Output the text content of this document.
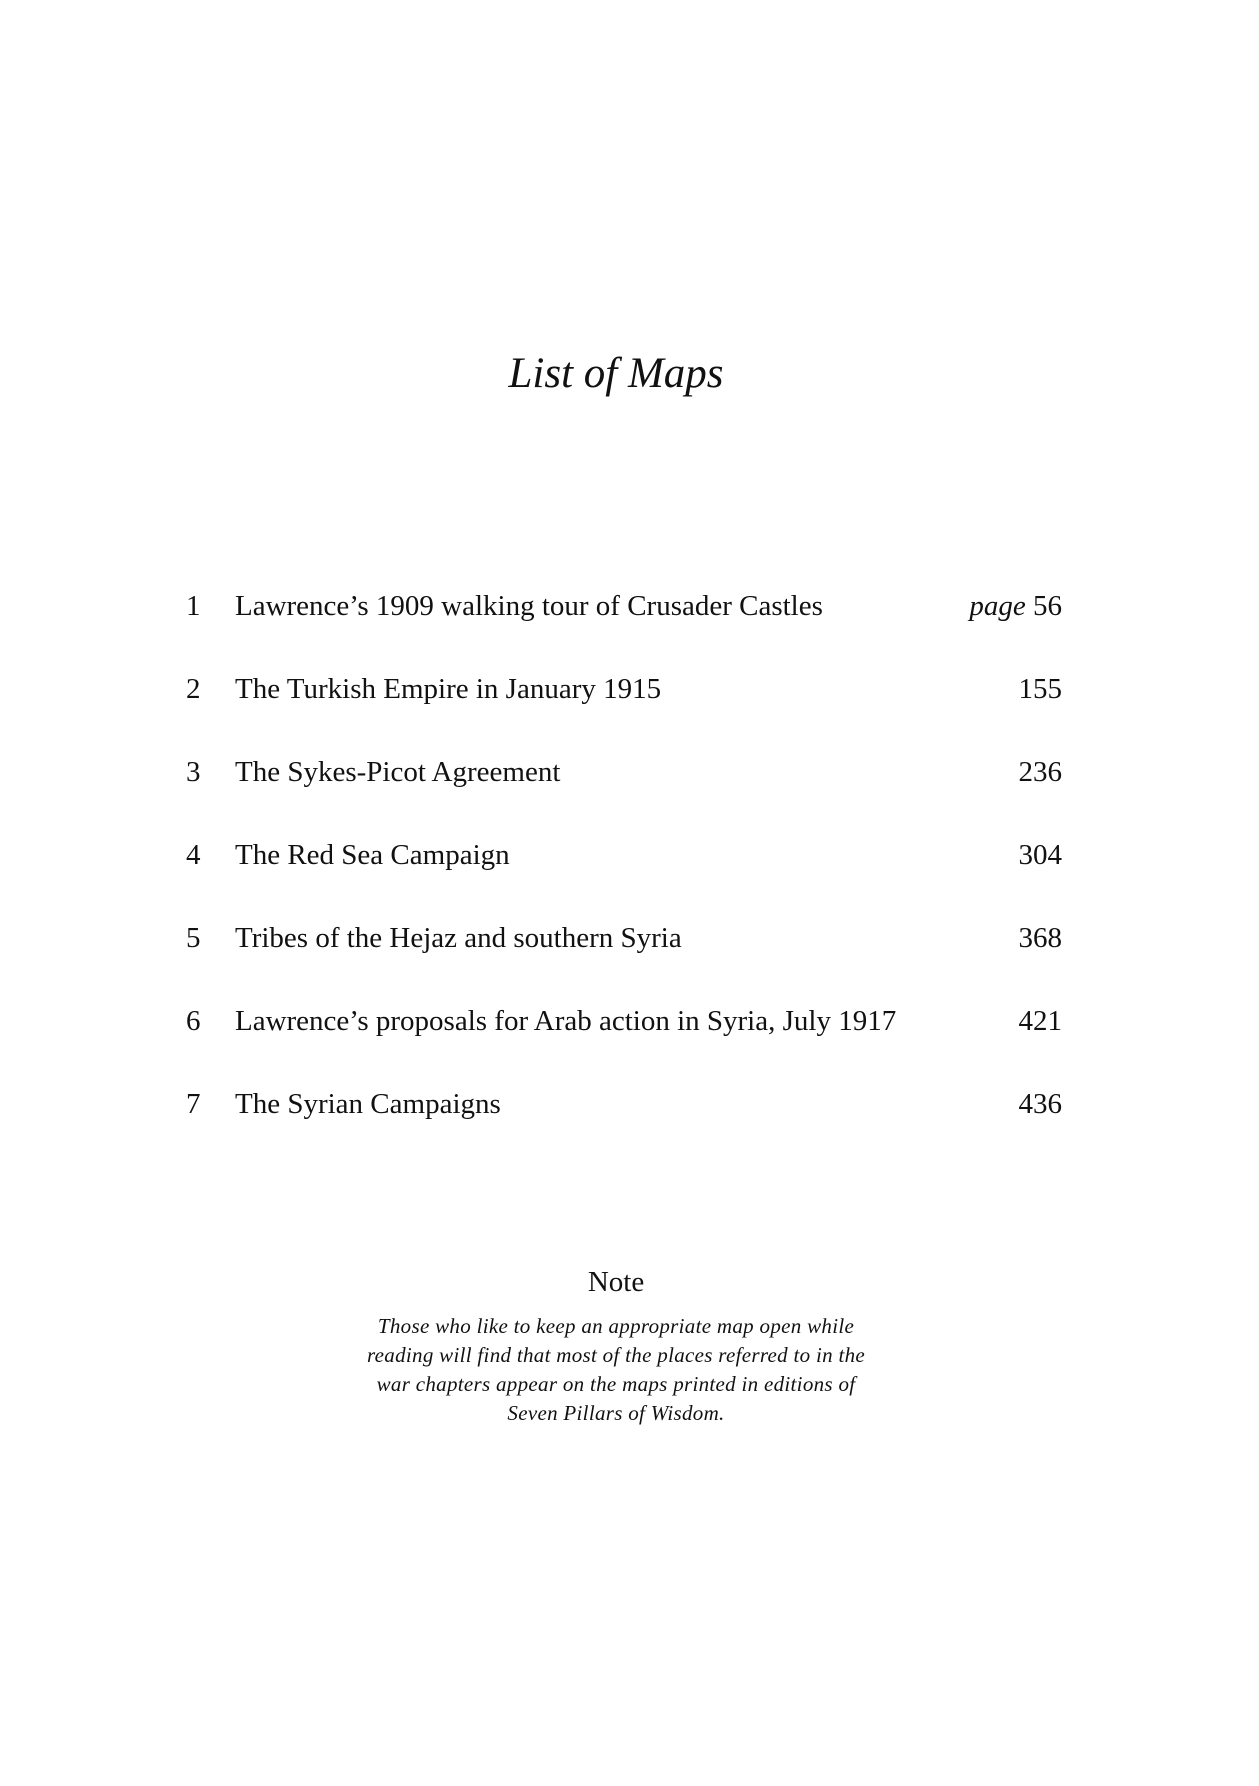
List of Maps
1 Lawrence’s 1909 walking tour of Crusader Castles	page 56
2 The Turkish Empire in January 1915	155
3 The Sykes-Picot Agreement	236
4 The Red Sea Campaign	304
5 Tribes of the Hejaz and southern Syria	368
6 Lawrence’s proposals for Arab action in Syria, July 1917	421
7 The Syrian Campaigns	436
Note

Those who like to keep an appropriate map open while
reading will find that most of the places referred to in the
war chapters appear on the maps printed in editions of
Seven Pillars of Wisdom.
